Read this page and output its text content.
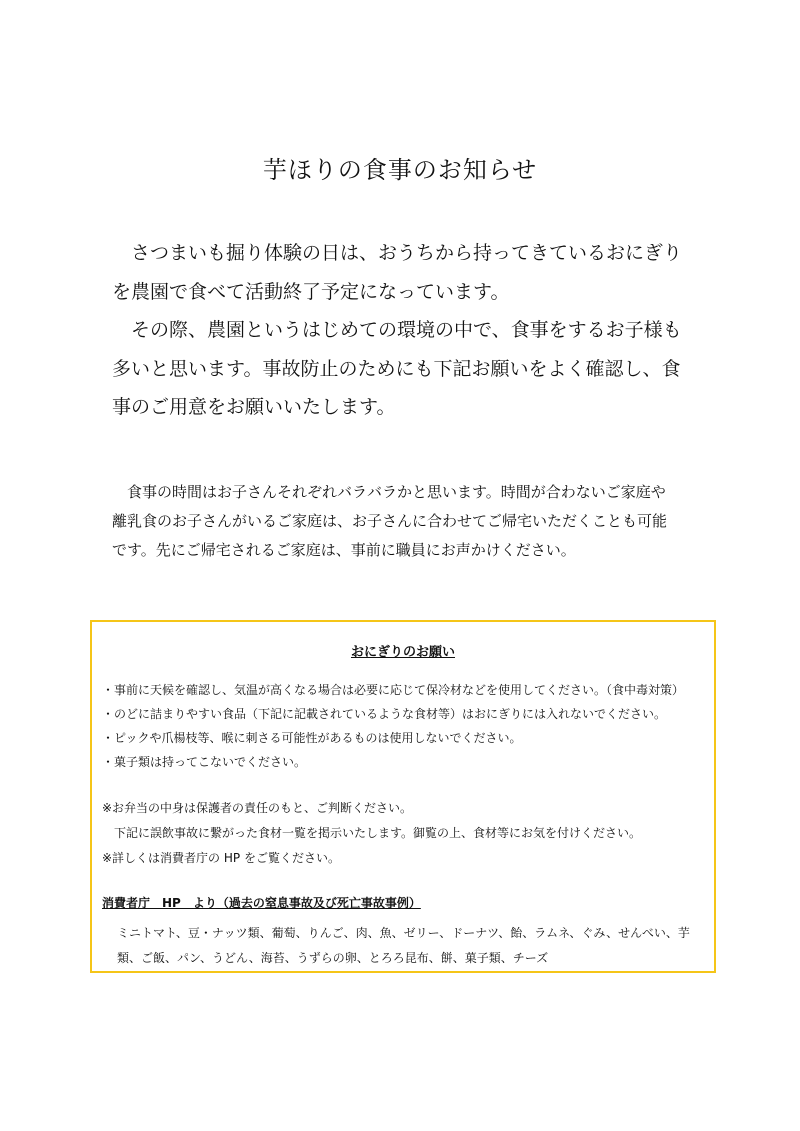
芋ほりの食事のお知らせ

さつまいも掘り体験の日は、おうちから持ってきているおにぎりを農園で食べて活動終了予定になっています。

その際、農園というはじめての環境の中で、食事をするお子様も多いと思います。事故防止のためにも下記お願いをよく確認し、食事のご用意をお願いいたします。

食事の時間はお子さんそれぞれバラバラかと思います。時間が合わないご家庭や離乳食のお子さんがいるご家庭は、お子さんに合わせてご帰宅いただくことも可能です。先にご帰宅されるご家庭は、事前に職員にお声かけください。

おにぎりのお願い
・事前に天候を確認し、気温が高くなる場合は必要に応じて保冷材などを使用してください。（食中毒対策）
・のどに詰まりやすい食品（下記に記載されているような食材等）はおにぎりには入れないでください。
・ピックや爪楊枝等、喉に刺さる可能性があるものは使用しないでください。
・菓子類は持ってこないでください。

※お弁当の中身は保護者の責任のもと、ご判断ください。

下記に誤飲事故に繋がった食材一覧を掲示いたします。御覧の上、食材等にお気を付けください。

※詳しくは消費者庁の HP をご覧ください。

消費者庁　HP　より（過去の窒息事故及び死亡事故事例）

ミニトマト、豆・ナッツ類、葡萄、りんご、肉、魚、ゼリー、ドーナツ、飴、ラムネ、ぐみ、せんべい、芋類、ご飯、パン、うどん、海苔、うずらの卵、とろろ昆布、餅、菓子類、チーズ
